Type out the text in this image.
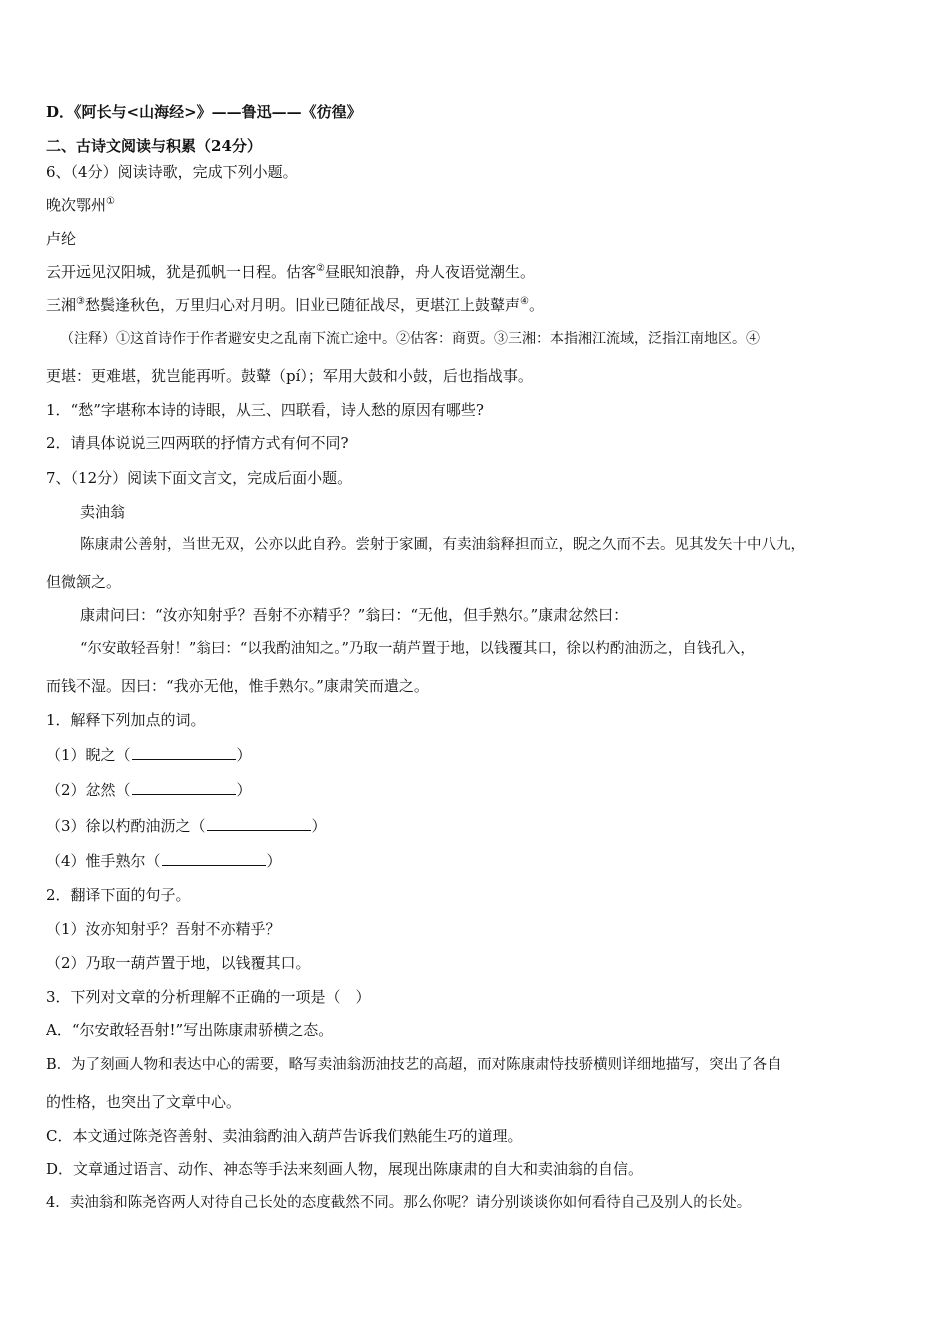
D．《阿长与<山海经>》——鲁迅——《彷徨》
二、古诗文阅读与积累（24分）
6、（4分）阅读诗歌，完成下列小题。
晚次鄂州①
卢纶
云开远见汉阳城，犹是孤帆一日程。估客②昼眠知浪静，舟人夜语觉潮生。
三湘③愁鬓逢秋色，万里归心对月明。旧业已随征战尽，更堪江上鼓鼙声④。
（注释）①这首诗作于作者避安史之乱南下流亡途中。②估客：商贾。③三湘：本指湘江流域，泛指江南地区。④
更堪：更难堪，犹岂能再听。鼓鼙（pí）；军用大鼓和小鼓，后也指战事。
1．“愁”字堪称本诗的诗眼，从三、四联看，诗人愁的原因有哪些?
2．请具体说说三四两联的抒情方式有何不同?
7、（12分）阅读下面文言文，完成后面小题。
卖油翁
陈康肃公善射，当世无双，公亦以此自矜。尝射于家圃，有卖油翁释担而立，睨之久而不去。见其发矢十中八九，
但微颔之。
康肃问曰：“汝亦知射乎？吾射不亦精乎？”翁曰：“无他，但手熟尔。”康肃忿然曰：
“尔安敢轻吾射！”翁曰：“以我酌油知之。”乃取一葫芦置于地，以钱覆其口，徐以杓酌油沥之，自钱孔入，
而钱不湿。因曰：“我亦无他，惟手熟尔。”康肃笑而遣之。
1．解释下列加点的词。
（1）睨之（	）
（2）忿然（	）
（3）徐以杓酌油沥之（	）
（4）惟手熟尔（	）
2．翻译下面的句子。
（1）汝亦知射乎？吾射不亦精乎？
（2）乃取一葫芦置于地，以钱覆其口。
3．下列对文章的分析理解不正确的一项是（　）
A．“尔安敢轻吾射!”写出陈康肃骄横之态。
B．为了刻画人物和表达中心的需要，略写卖油翁沥油技艺的高超，而对陈康肃恃技骄横则详细地描写，突出了各自
的性格，也突出了文章中心。
C．本文通过陈尧咨善射、卖油翁酌油入葫芦告诉我们熟能生巧的道理。
D．文章通过语言、动作、神态等手法来刻画人物，展现出陈康肃的自大和卖油翁的自信。
4．卖油翁和陈尧咨两人对待自己长处的态度截然不同。那么你呢？请分别谈谈你如何看待自己及别人的长处。
